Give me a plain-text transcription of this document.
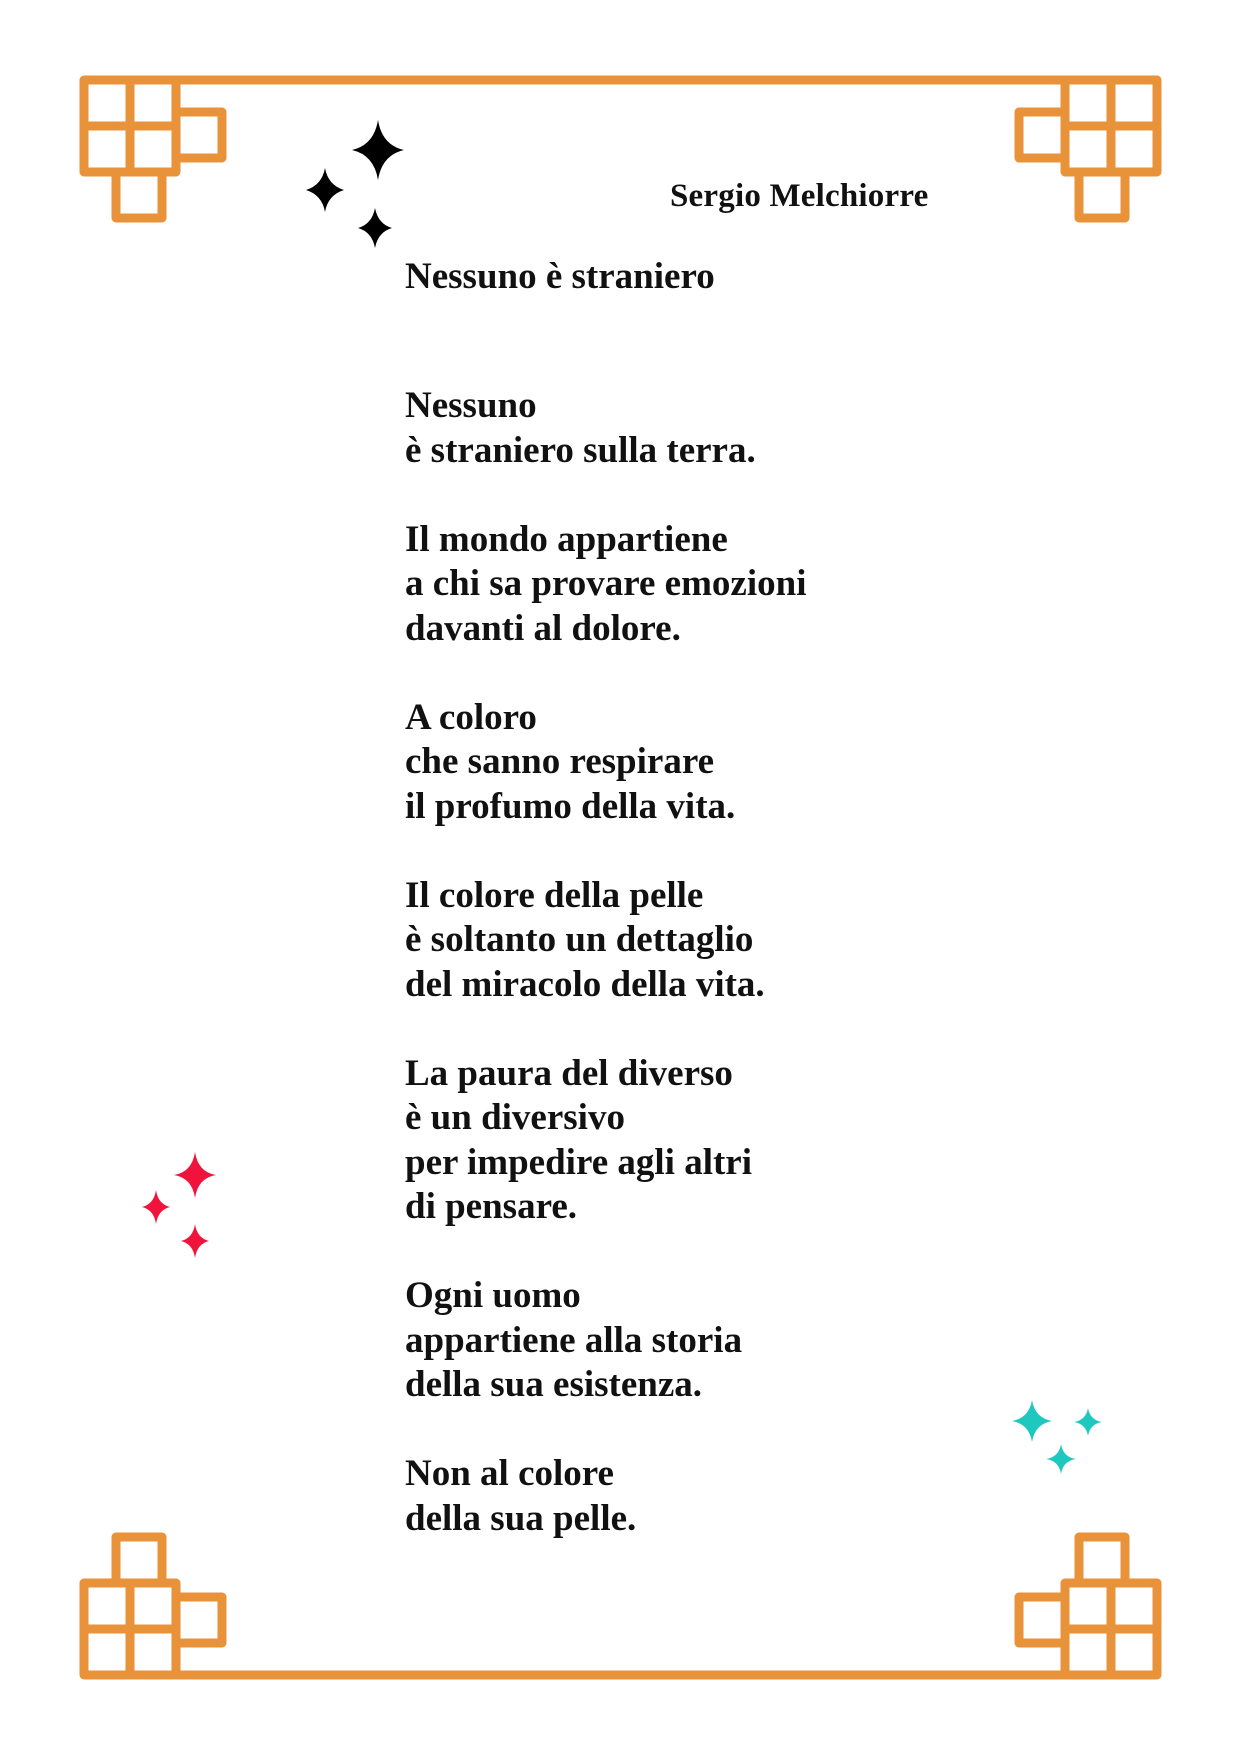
Sergio Melchiorre
Nessuno è straniero
Nessuno
è straniero sulla terra.
Il mondo appartiene
a chi sa provare emozioni
davanti al dolore.
A coloro
che sanno respirare
il profumo della vita.
Il colore della pelle
è soltanto un dettaglio
del miracolo della vita.
La paura del diverso
è un diversivo
per impedire agli altri
di pensare.
Ogni uomo
appartiene alla storia
della sua esistenza.
Non al colore
della sua pelle.
